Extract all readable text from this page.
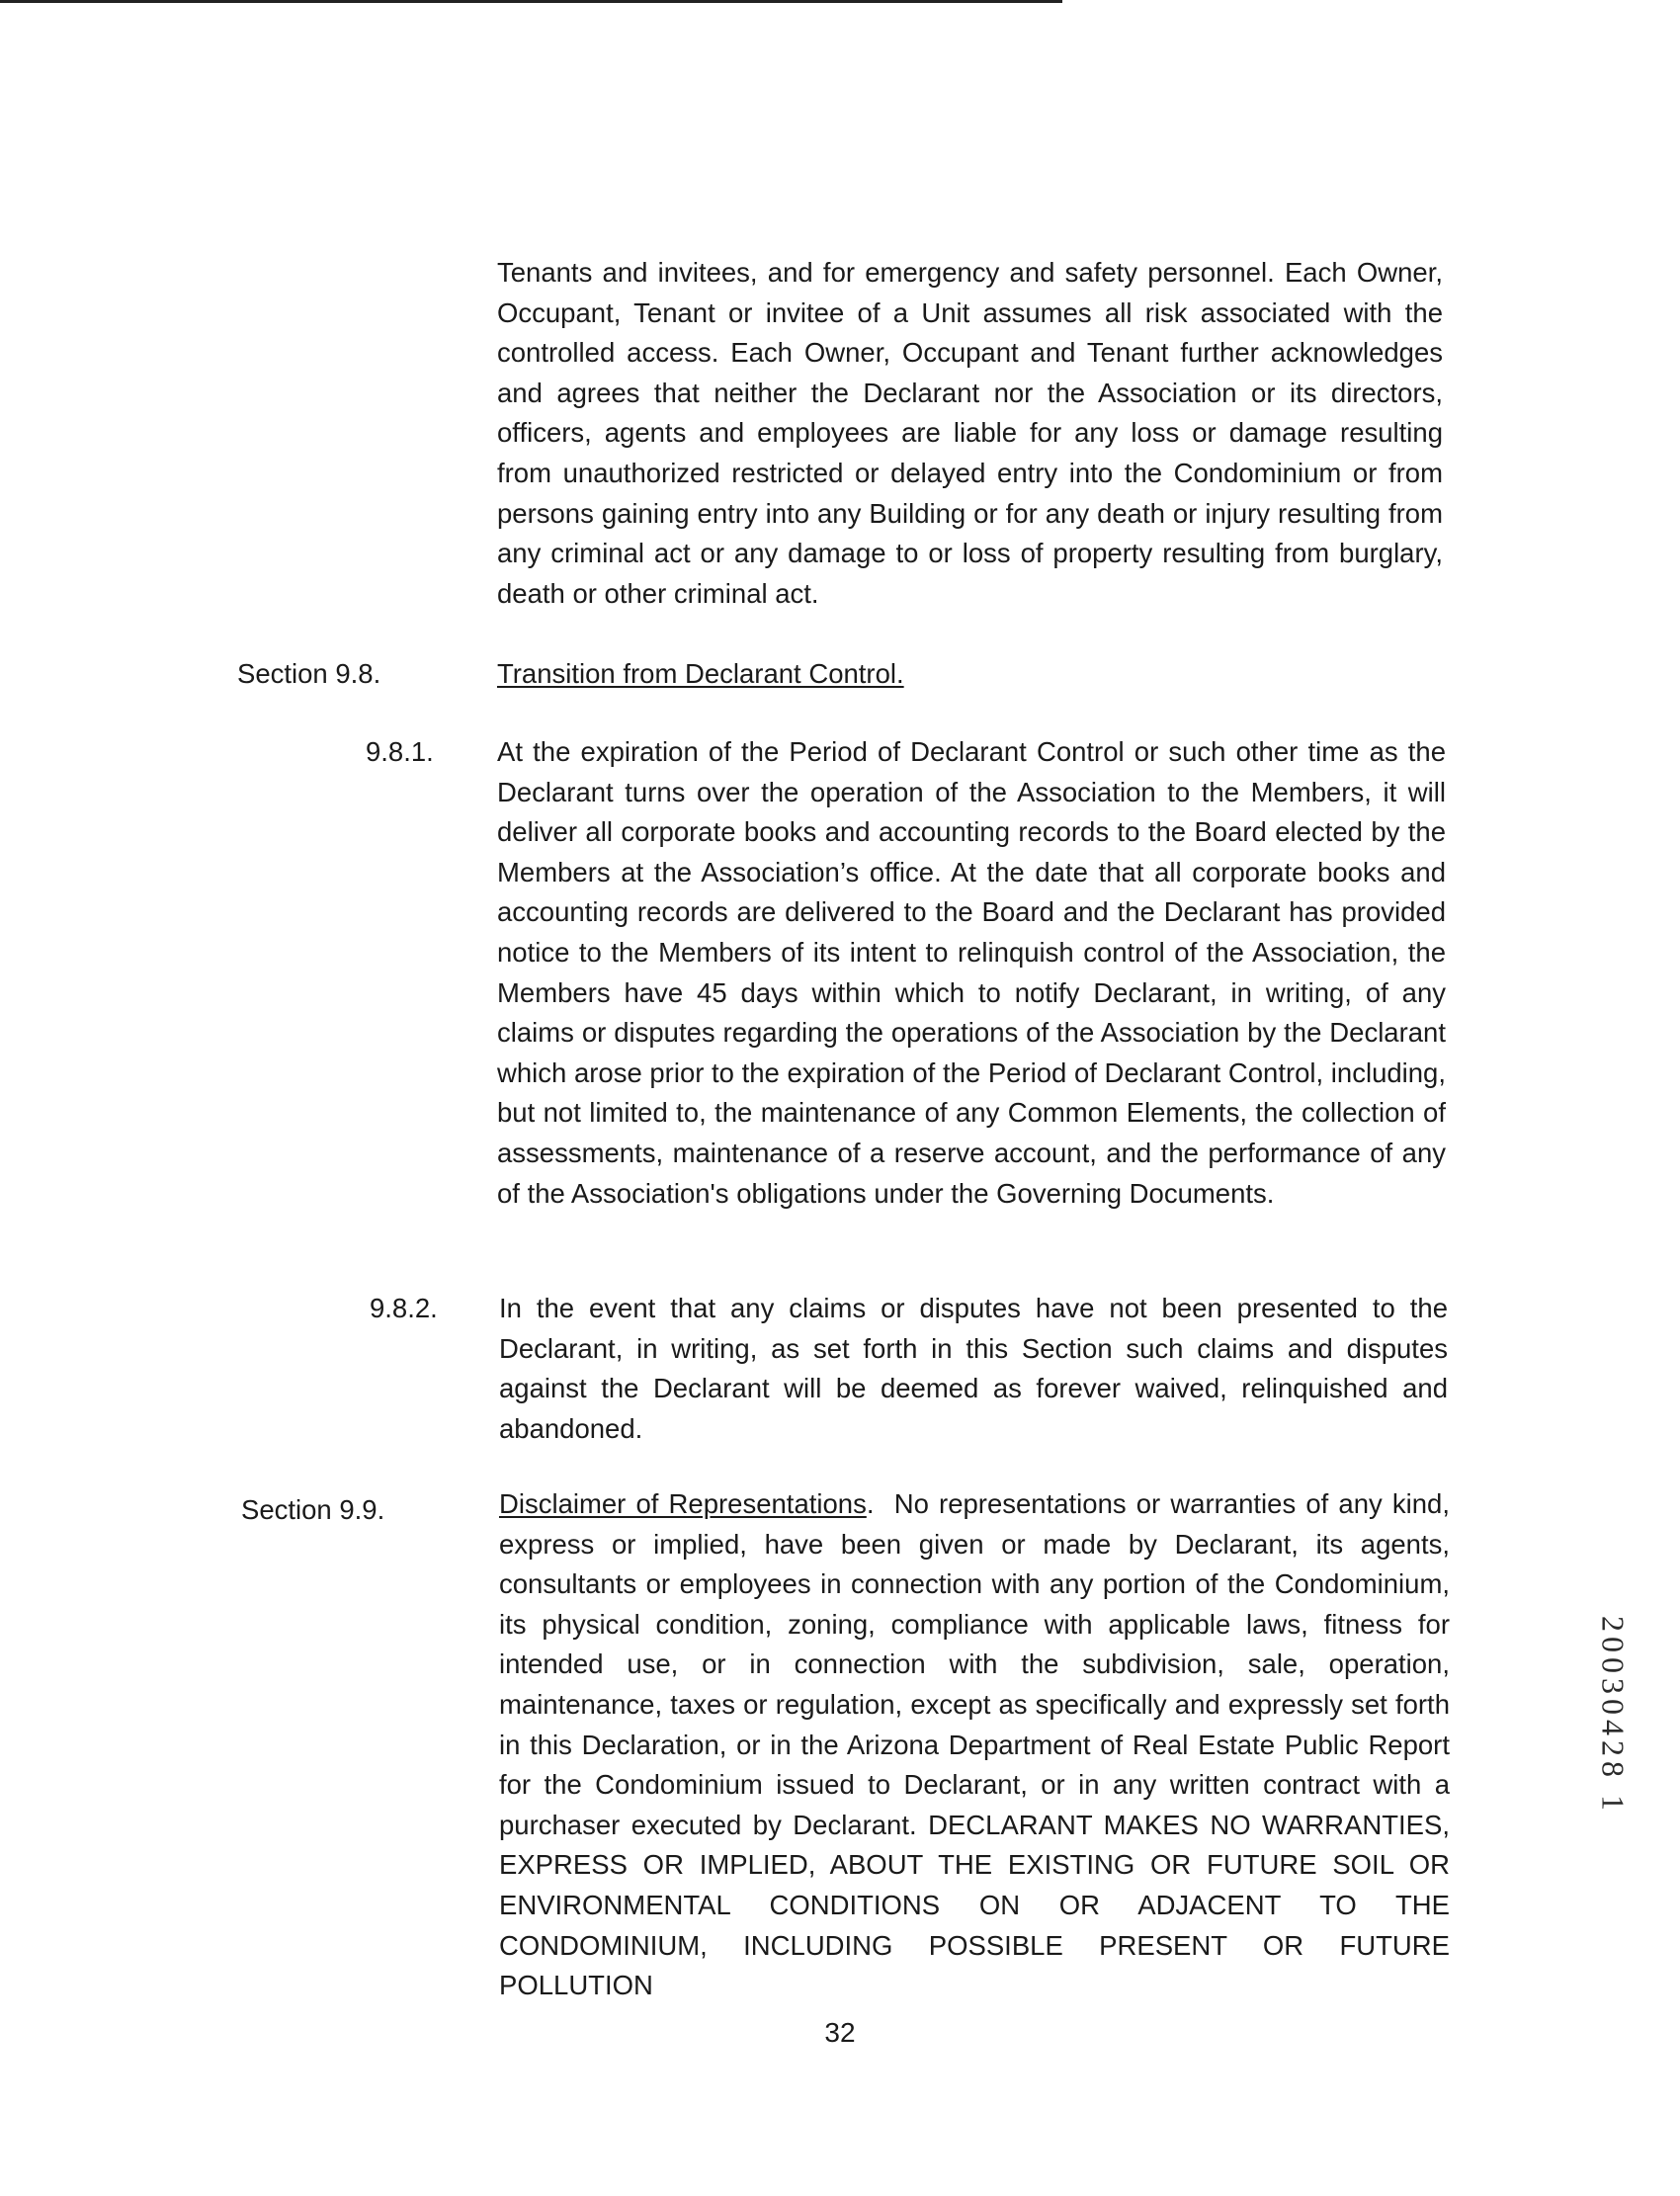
Tenants and invitees, and for emergency and safety personnel. Each Owner, Occupant, Tenant or invitee of a Unit assumes all risk associated with the controlled access. Each Owner, Occupant and Tenant further acknowledges and agrees that neither the Declarant nor the Association or its directors, officers, agents and employees are liable for any loss or damage resulting from unauthorized restricted or delayed entry into the Condominium or from persons gaining entry into any Building or for any death or injury resulting from any criminal act or any damage to or loss of property resulting from burglary, death or other criminal act.

Section 9.8.	Transition from Declarant Control.
9.8.1. At the expiration of the Period of Declarant Control or such other time as the Declarant turns over the operation of the Association to the Members, it will deliver all corporate books and accounting records to the Board elected by the Members at the Association’s office. At the date that all corporate books and accounting records are delivered to the Board and the Declarant has provided notice to the Members of its intent to relinquish control of the Association, the Members have 45 days within which to notify Declarant, in writing, of any claims or disputes regarding the operations of the Association by the Declarant which arose prior to the expiration of the Period of Declarant Control, including, but not limited to, the maintenance of any Common Elements, the collection of assessments, maintenance of a reserve account, and the performance of any of the Association's obligations under the Governing Documents.

9.8.2. In the event that any claims or disputes have not been presented to the Declarant, in writing, as set forth in this Section such claims and disputes against the Declarant will be deemed as forever waived, relinquished and abandoned.

Section 9.9.	Disclaimer of Representations. No representations or warranties of any kind, express or implied, have been given or made by Declarant, its agents, consultants or employees in connection with any portion of the Condominium, its physical condition, zoning, compliance with applicable laws, fitness for intended use, or in connection with the subdivision, sale, operation, maintenance, taxes or regulation, except as specifically and expressly set forth in this Declaration, or in the Arizona Department of Real Estate Public Report for the Condominium issued to Declarant, or in any written contract with a purchaser executed by Declarant. DECLARANT MAKES NO WARRANTIES, EXPRESS OR IMPLIED, ABOUT THE EXISTING OR FUTURE SOIL OR ENVIRONMENTAL CONDITIONS ON OR ADJACENT TO THE CONDOMINIUM, INCLUDING POSSIBLE PRESENT OR FUTURE POLLUTION

32
20030428 1
